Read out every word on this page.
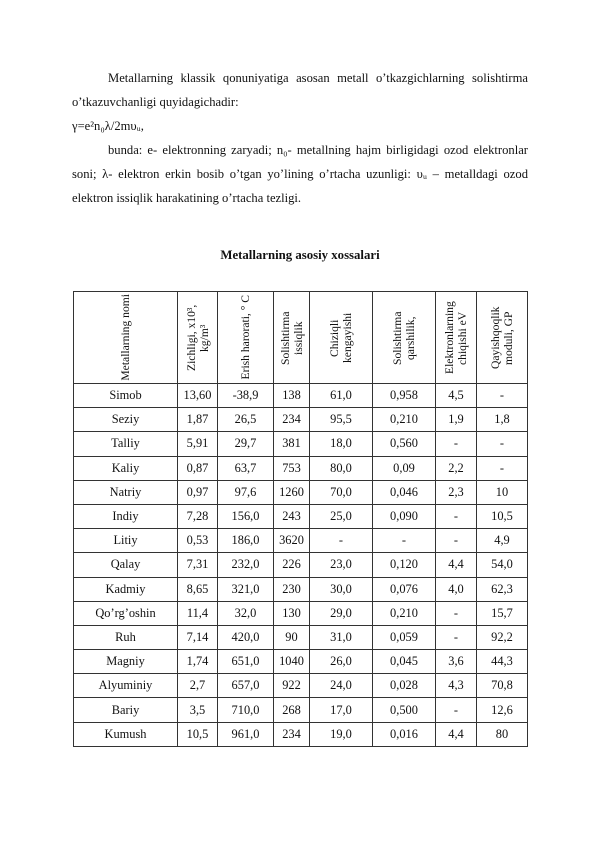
Metallarning klassik qonuniyatiga asosan metall o’tkazgichlarning solishtirma o’tkazuvchanligi quyidagichadir:

γ=e²n₀λ/2mυᵤ,

bunda: e- elektronning zaryadi; n₀- metallning hajm birligidagi ozod elektronlar soni; λ- elektron erkin bosib o’tgan yo’lining o’rtacha uzunligi: υᵤ – metalldagi ozod elektron issiqlik harakatining o’rtacha tezligi.

Metallarning asosiy xossalari

Metallarning nomi	Zichligi, x10³, kg/m³	Erish harorati, ° C	Solishtirma issiqlik	Chiziqli kengayishi	Solishtirma qarshilik,	Elektronlarning chiqishi eV	Qayishqoqlik moduli, GP

Simob	13,60	-38,9	138	61,0	0,958	4,5	-
Seziy	1,87	26,5	234	95,5	0,210	1,9	1,8
Talliy	5,91	29,7	381	18,0	0,560	-	-
Kaliy	0,87	63,7	753	80,0	0,09	2,2	-
Natriy	0,97	97,6	1260	70,0	0,046	2,3	10
Indiy	7,28	156,0	243	25,0	0,090	-	10,5
Litiy	0,53	186,0	3620	-	-	-	4,9
Qalay	7,31	232,0	226	23,0	0,120	4,4	54,0
Kadmiy	8,65	321,0	230	30,0	0,076	4,0	62,3
Qo’rg’oshin	11,4	32,0	130	29,0	0,210	-	15,7
Ruh	7,14	420,0	90	31,0	0,059	-	92,2
Magniy	1,74	651,0	1040	26,0	0,045	3,6	44,3
Alyuminiy	2,7	657,0	922	24,0	0,028	4,3	70,8
Bariy	3,5	710,0	268	17,0	0,500	-	12,6
Kumush	10,5	961,0	234	19,0	0,016	4,4	80
